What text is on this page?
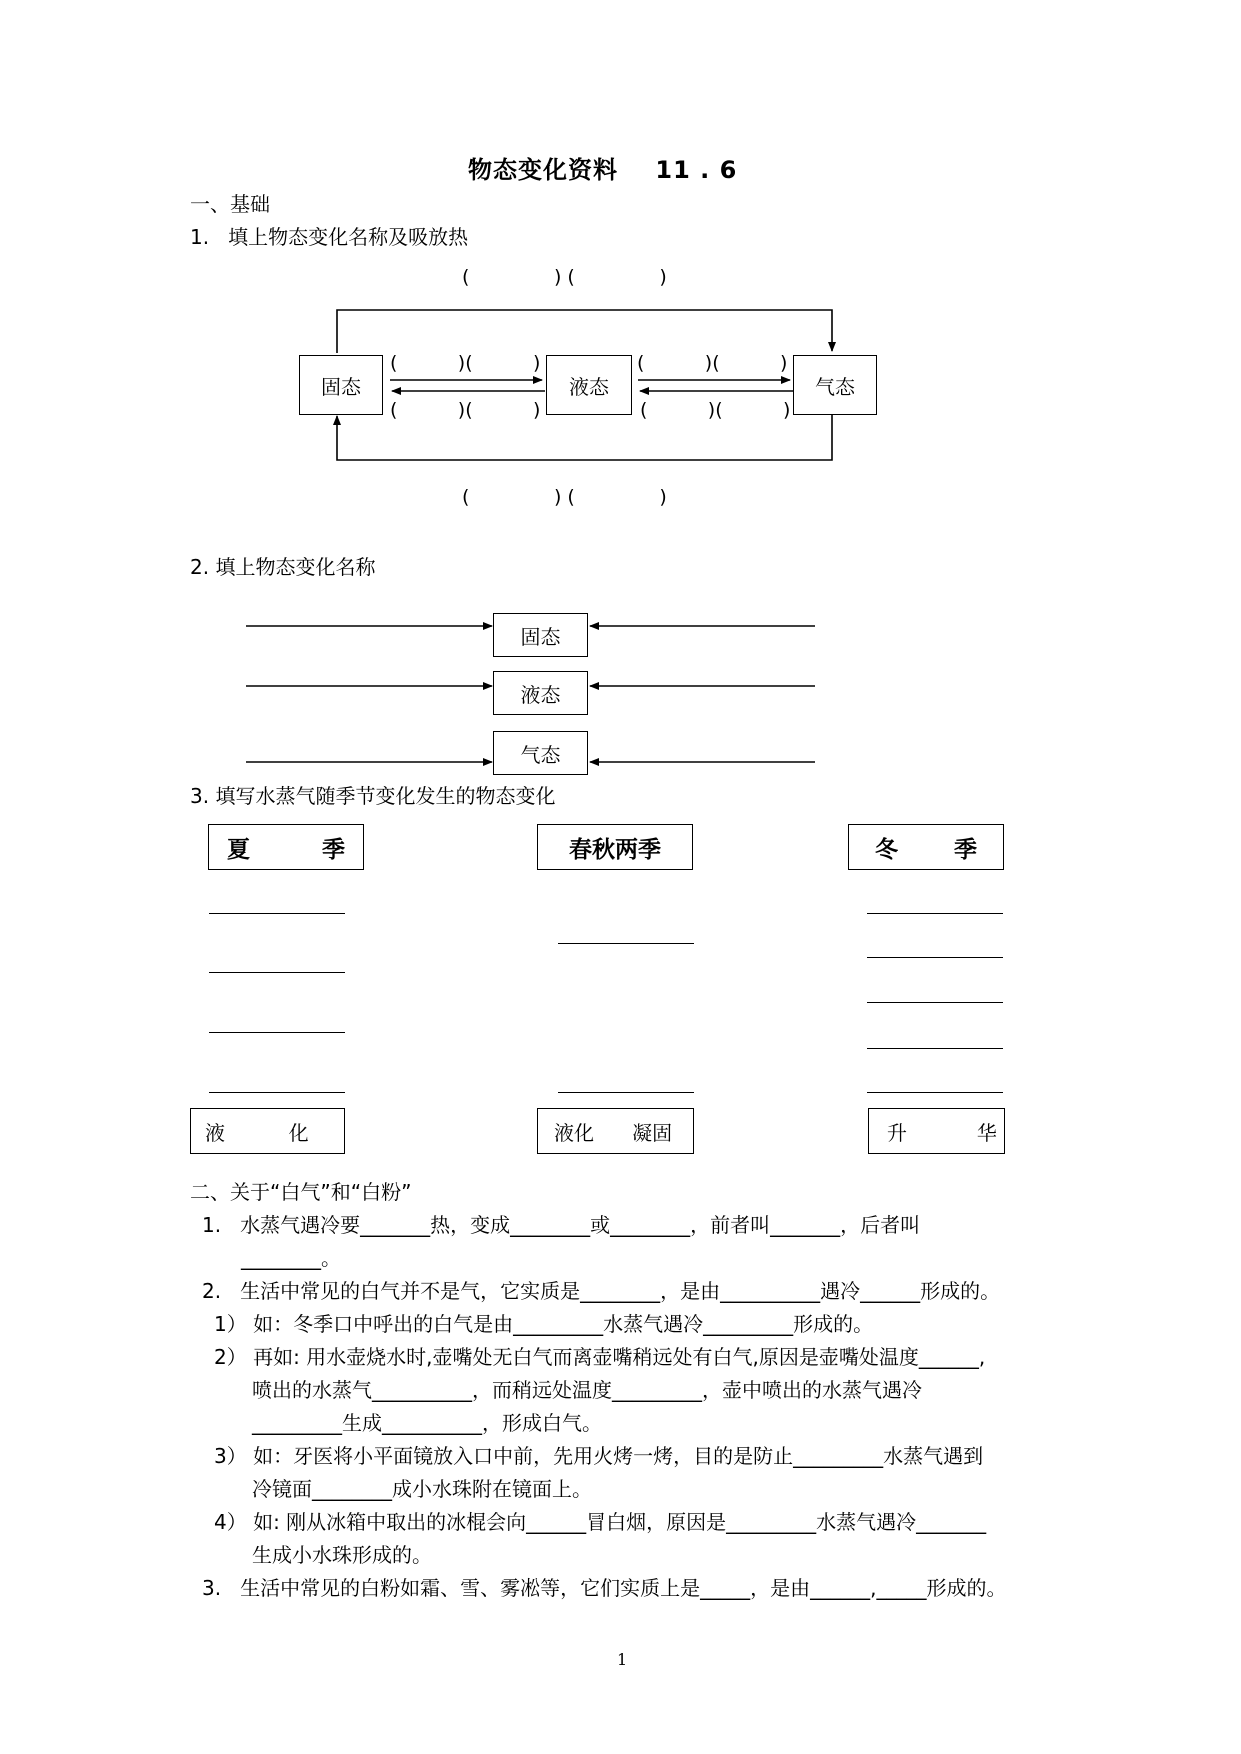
物态变化资料    11 . 6
一、基础
1.   填上物态变化名称及吸放热
固态	液态	气态
(              ) (              )
(              ) (              )
(          )(          )
(          )(          )
(          )(          )
(          )(          )
2. 填上物态变化名称
固态
液态
气态
3. 填写水蒸气随季节变化发生的物态变化
夏         季	春秋两季	冬       季
液          化	液化      凝固	升           华
二、关于“白气”和“白粉”
1.   水蒸气遇冷要_______热，变成________或________，前者叫_______，后者叫
________。
2.   生活中常见的白气并不是气，它实质是________，是由__________遇冷______形成的。
1） 如：冬季口中呼出的白气是由_________水蒸气遇冷_________形成的。
2） 再如: 用水壶烧水时,壶嘴处无白气而离壶嘴稍远处有白气,原因是壶嘴处温度______,
喷出的水蒸气__________，而稍远处温度_________，壶中喷出的水蒸气遇冷
_________生成__________，形成白气。
3） 如：牙医将小平面镜放入口中前，先用火烤一烤，目的是防止_________水蒸气遇到
冷镜面________成小水珠附在镜面上。
4） 如: 刚从冰箱中取出的冰棍会向______冒白烟，原因是_________水蒸气遇冷_______
生成小水珠形成的。
3.   生活中常见的白粉如霜、雪、雾凇等，它们实质上是_____，是由______,_____形成的。
1
